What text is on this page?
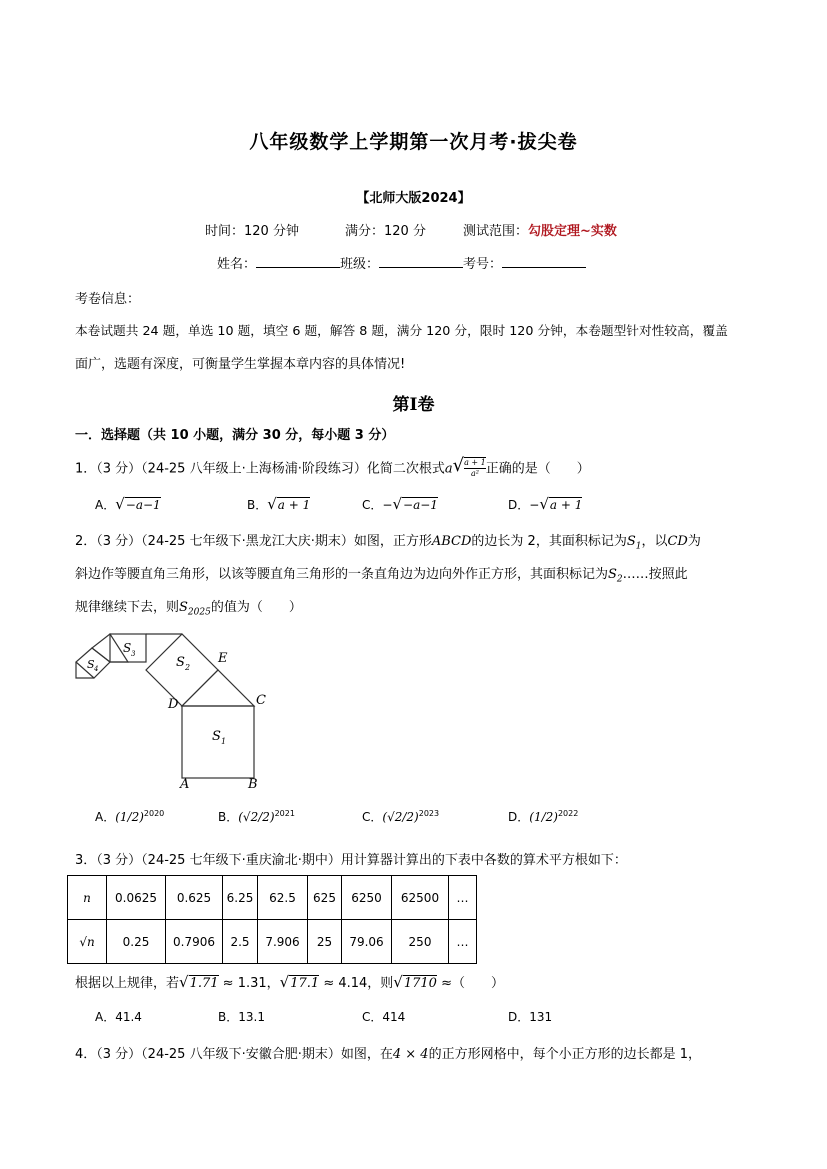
八年级数学上学期第一次月考·拔尖卷
【北师大版2024】
时间：120 分钟	满分：120 分	测试范围：勾股定理~实数
姓名：	班级：	考号：
考卷信息：
本卷试题共 24 题，单选 10 题，填空 6 题，解答 8 题，满分 120 分，限时 120 分钟，本卷题型针对性较高，覆盖
面广，选题有深度，可衡量学生掌握本章内容的具体情况!
第Ⅰ卷
一．选择题（共 10 小题，满分 30 分，每小题 3 分）
1．（3 分）（24-25 八年级上·上海杨浦·阶段练习）化简二次根式$a√ \frac{a + 1}{\text{a²}}$ 正确的是（　　）
A．√−a−1	B．√a + 1	C．−√−a−1	D．−√a + 1
2．（3 分）（24-25 七年级下·黑龙江大庆·期末）如图，正方形ABCD的边长为 2，其面积标记为$S_1$，以CD为
斜边作等腰直角三角形，以该等腰直角三角形的一条直角边为边向外作正方形，其面积标记为$S_2\dots\dots$按照此
规律继续下去，则$S_{2025}$的值为（　　）
S 1
S 2
S 3
S 4
A	B
C
D
E
A．$(1/2)^{2020}$	B．$(√2/2)^{2021}$	C．$(√2/2)^{2023}$	D．$(1/2)^{2022}$
3．（3 分）（24-25 七年级下·重庆渝北·期中）用计算器计算出的下表中各数的算术平方根如下：
n	0.0625	0.625	6.25	62.5	625	6250	62500	…
√n	0.25	0.7906	2.5	7.906	25	79.06	250	…
根据以上规律，若√1.71 ≈ 1.31，√17.1 ≈ 4.14，则√1710 ≈（　　）
A．41.4	B．13.1	C．414	D．131
4．（3 分）（24-25 八年级下·安徽合肥·期末）如图，在4 × 4的正方形网格中，每个小正方形的边长都是 1，
